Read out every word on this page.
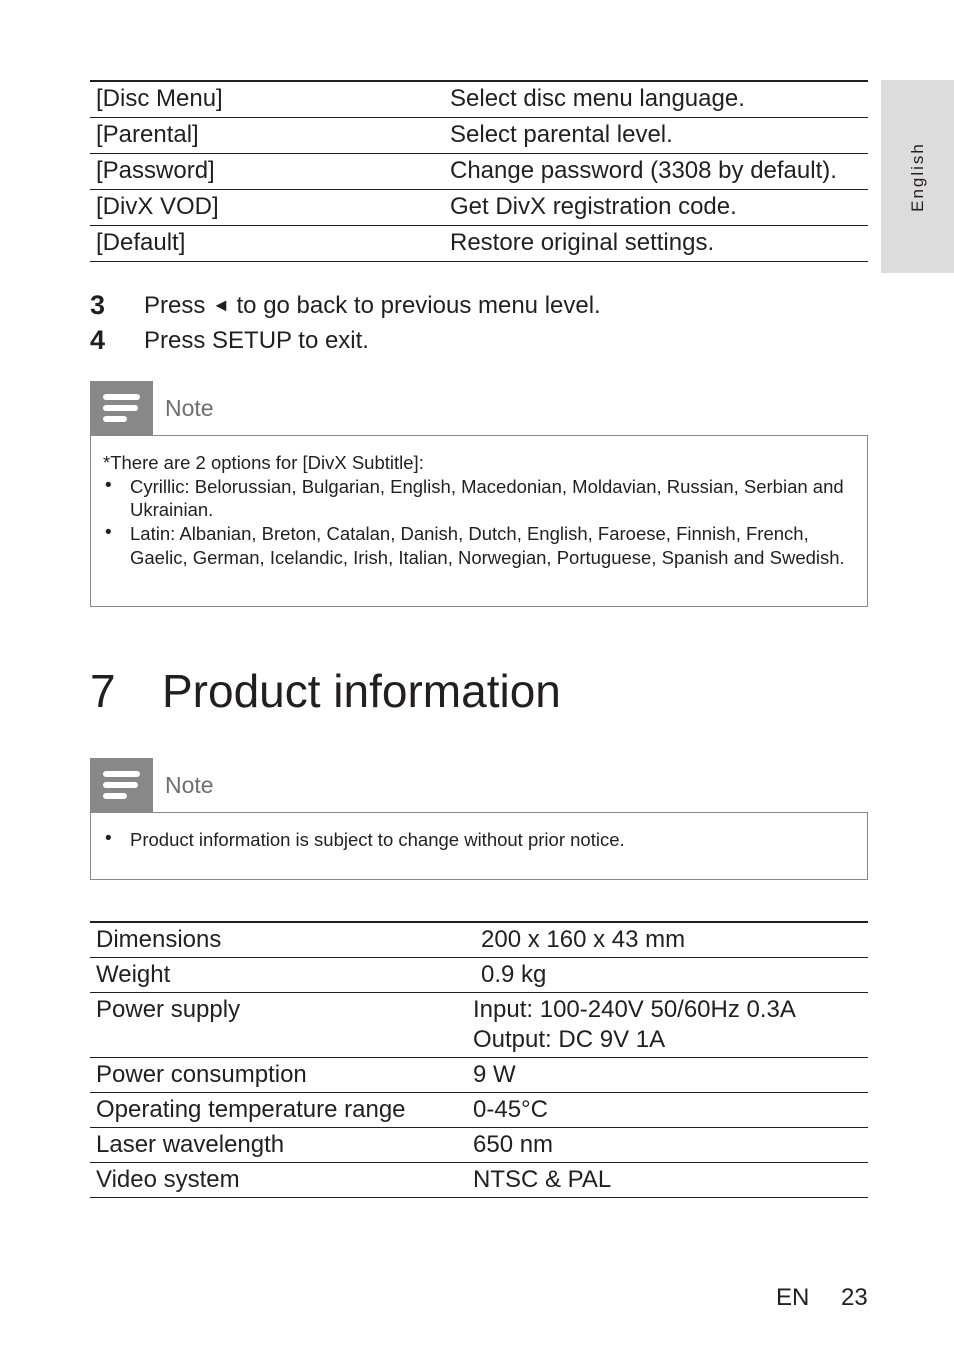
English
[Disc Menu]	Select disc menu language.
[Parental]	Select parental level.
[Password]	Change password (3308 by default).
[DivX VOD]	Get DivX registration code.
[Default]	Restore original settings.
3 Press ◄ to go back to previous menu level.
4 Press SETUP to exit.
Note
*There are 2 options for [DivX Subtitle]:
• Cyrillic: Belorussian, Bulgarian, English, Macedonian, Moldavian, Russian, Serbian and Ukrainian.
• Latin: Albanian, Breton, Catalan, Danish, Dutch, English, Faroese, Finnish, French, Gaelic, German, Icelandic, Irish, Italian, Norwegian, Portuguese, Spanish and Swedish.
7 Product information
Note
• Product information is subject to change without prior notice.
Dimensions	200 x 160 x 43 mm

Weight	0.9 kg

Power supply	Input: 100-240V 50/60Hz 0.3A
Output: DC 9V 1A

Power consumption	9 W

Operating temperature range	0-45°C

Laser wavelength	650 nm

Video system	NTSC & PAL
EN 23
